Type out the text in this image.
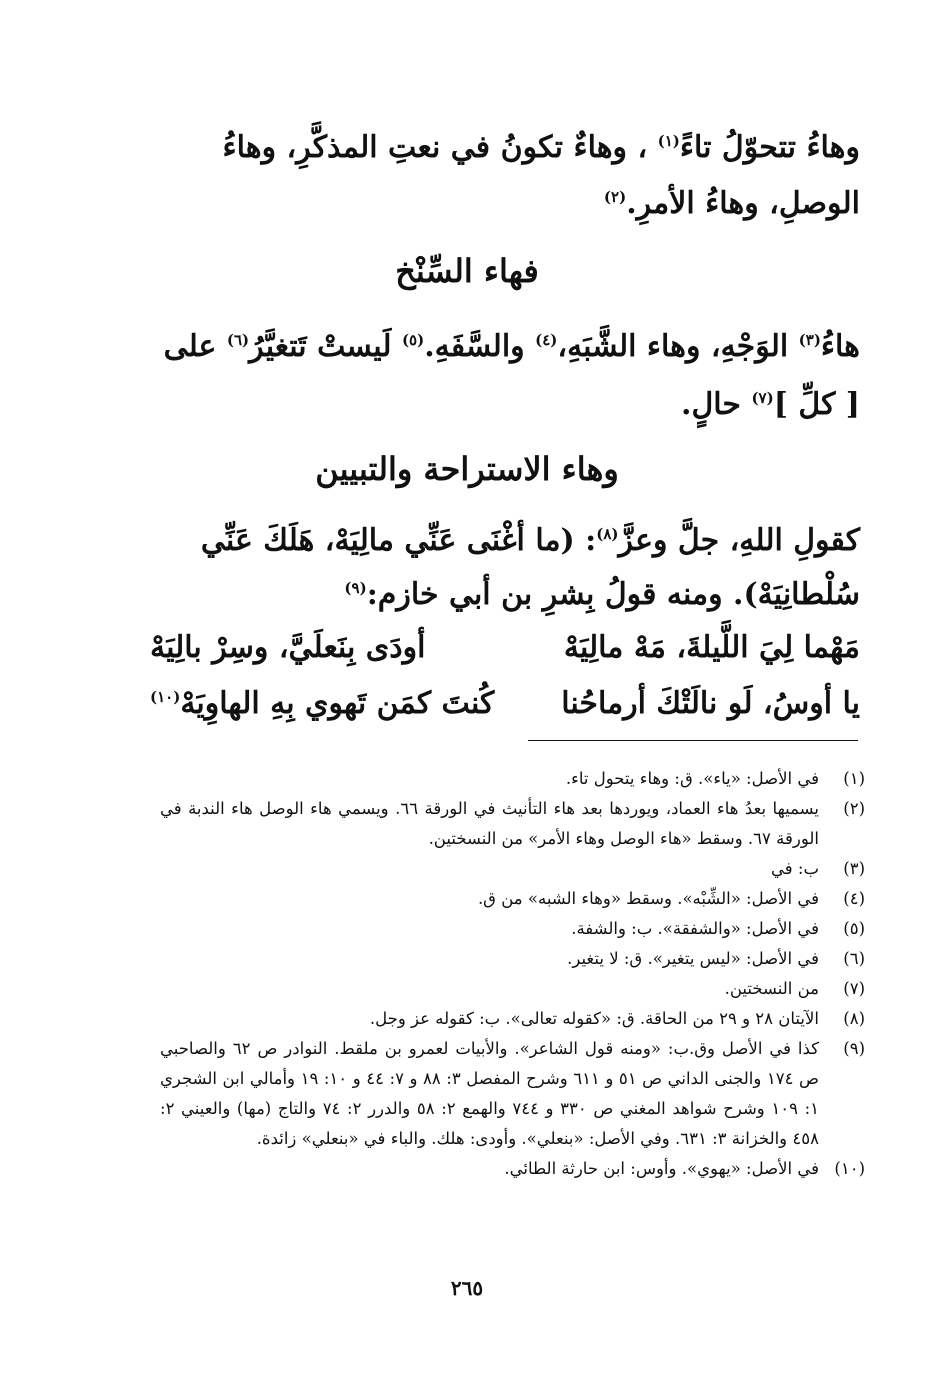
وهاءُ تتحوّلُ تاءً$^{(١)}$ ، وهاءٌ تكونُ في نعتِ المذكَّرِ، وهاءُ الوصلِ، وهاءُ الأمرِ.$^{(٢)}$
فهاء السِّنْخ
هاءُ$^{(٣)}$ الوَجْهِ، وهاء الشَّبَهِ،$^{(٤)}$ والسَّفَهِ.$^{(٥)}$ لَيستْ تَتغيَّرُ$^{(٦)}$ على [ كلِّ ]$^{(٧)}$ حالٍ.
وهاء الاستراحة والتبيين
كقولِ اللهِ، جلَّ وعزَّ$^{(٨)}$: (ما أغْنَى عَنِّي مالِيَهْ، هَلَكَ عَنِّي سُلْطانِيَهْ). ومنه قولُ بِشرِ بن أبي خازم:$^{(٩)}$
مَهْما لِيَ اللَّيلةَ، مَهْ مالِيَهْ
أودَى بِنَعلَيَّ، وسِرْ بالِيَهْ
يا أوسُ، لَو نالَتْكَ أرماحُنا
كُنتَ كمَن تَهوي بِهِ الهاوِيَهْ$^{(١٠)}$
(١)
في الأصل: «ياء». ق: وهاء يتحول تاء.
(٢)
يسميها بعدُ هاء العماد، ويوردها بعد هاء التأنيث في الورقة ٦٦. ويسمي هاء الوصل هاء الندبة في الورقة ٦٧. وسقط «هاء الوصل وهاء الأمر» من النسختين.
(٣)
ب: في
(٤)
في الأصل: «الشِّبْه». وسقط «وهاء الشبه» من ق.
(٥)
في الأصل: «والشفقة». ب: والشفة.
(٦)
في الأصل: «ليس يتغير». ق: لا يتغير.
(٧)
من النسختين.
(٨)
الآيتان ٢٨ و ٢٩ من الحاقة. ق: «كقوله تعالى». ب: كقوله عز وجل.
(٩)
كذا في الأصل وق.ب: «ومنه قول الشاعر». والأبيات لعمرو بن ملقط. النوادر ص ٦٢ والصاحبي ص ١٧٤ والجنى الداني ص ٥١ و ٦١١ وشرح المفصل ٣: ٨٨ و ٧: ٤٤ و ١٠: ١٩ وأمالي ابن الشجري ١: ١٠٩ وشرح شواهد المغني ص ٣٣٠ و ٧٤٤ والهمع ٢: ٥٨ والدرر ٢: ٧٤ والتاج (مها) والعيني ٢: ٤٥٨ والخزانة ٣: ٦٣١. وفي الأصل: «بنعلي». وأودى: هلك. والباء في «بنعلي» زائدة.
(١٠)
في الأصل: «يهوي». وأوس: ابن حارثة الطائي.
٢٦٥
